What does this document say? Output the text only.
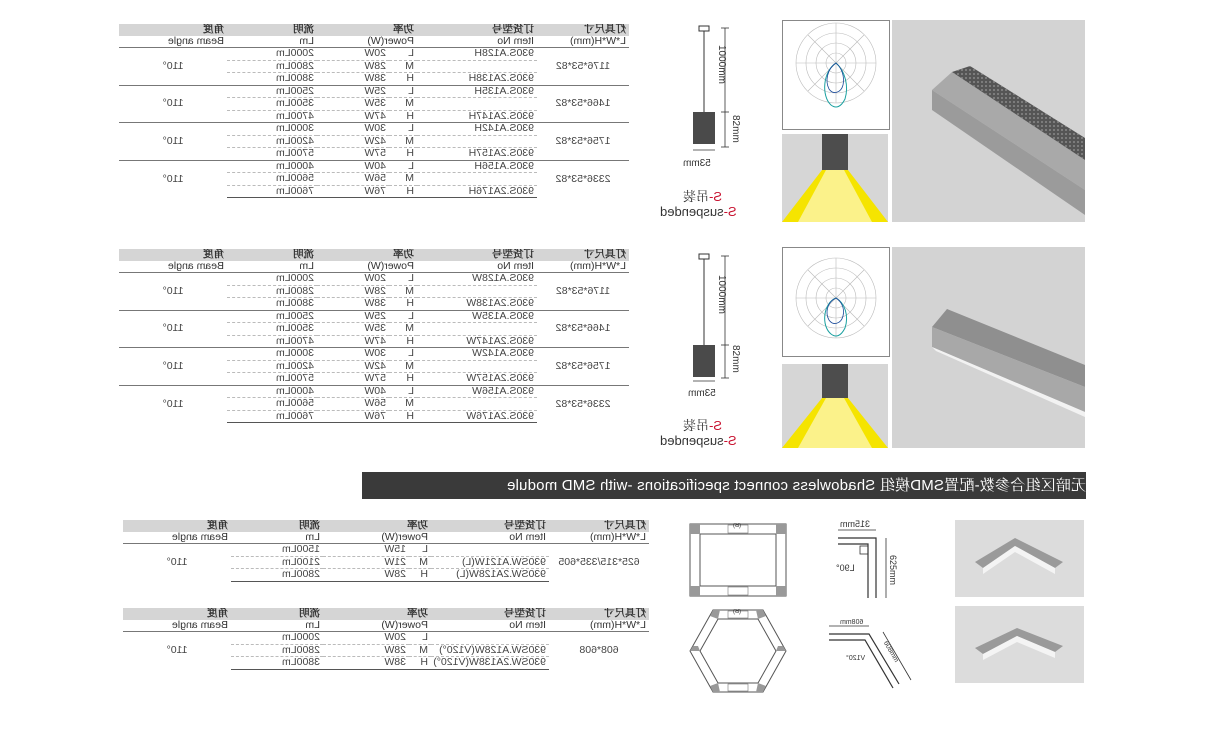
灯具尺寸	订货型号	功率		流明	角度
L*W*H(mm)	Item No	Power(W)		Lm	Beam angle
1176*53*82	930S.A128H	L	20W	2000Lm	110°
		M	28W	2800Lm	
	930S.2A138H	H	38W	3800Lm	
1466*53*82	930S.A135H	L	25W	2500Lm	110°
		M	35W	3500Lm	
	930S.2A147H	H	47W	4700Lm	
1756*53*82	930S.A142H	L	30W	3000Lm	110°
		M	42W	4200Lm	
	930S.2A157H	H	57W	5700Lm	
2336*53*82	930S.A156H	L	40W	4000Lm	110°
		M	56W	5600Lm	
	930S.2A176H	H	76W	7600Lm	
灯具尺寸	订货型号	功率		流明	角度
L*W*H(mm)	Item No	Power(W)		Lm	Beam angle
1176*53*82	930S.A128W	L	20W	2000Lm	110°
		M	28W	2800Lm	
	930S.2A138W	H	38W	3800Lm	
1466*53*82	930S.A135W	L	25W	2500Lm	110°
		M	35W	3500Lm	
	930S.2A147W	H	47W	4700Lm	
1756*53*82	930S.A142W	L	30W	3000Lm	110°
		M	42W	4200Lm	
	930S.2A157W	H	57W	5700Lm	
2336*53*82	930S.A156W	L	40W	4000Lm	110°
		M	56W	5600Lm	
	930S.2A176W	H	76W	7600Lm	
灯具尺寸	订货型号	功率		流明	角度
L*W*H(mm)	Item No	Power(W)		Lm	Beam angle
625*315/335*605		L	15W	1500Lm	110°
	930SW.A121W(L)	M	21W	2100Lm	
	930SW.2A128W(L)	H	28W	2800Lm	
灯具尺寸	订货型号	功率		流明	角度
L*W*H(mm)	Item No	Power(W)		Lm	Beam angle
608*608		L	20W	2000Lm	110°
	930SW.A128W(V120°)	M	28W	2800Lm	
	930SW.2A138W(V120°)	H	38W	3800Lm	
无暗区组合参数-配置SMD模组 Shadowless connect specifications -with SMD module
1000mm
82mm
53mm
S-吊装
S-suspended
1000mm
82mm
53mm
S-吊装
S-suspended
(B)	315mm
625mm
L90°
(B)
608mm
608mm
V120°
